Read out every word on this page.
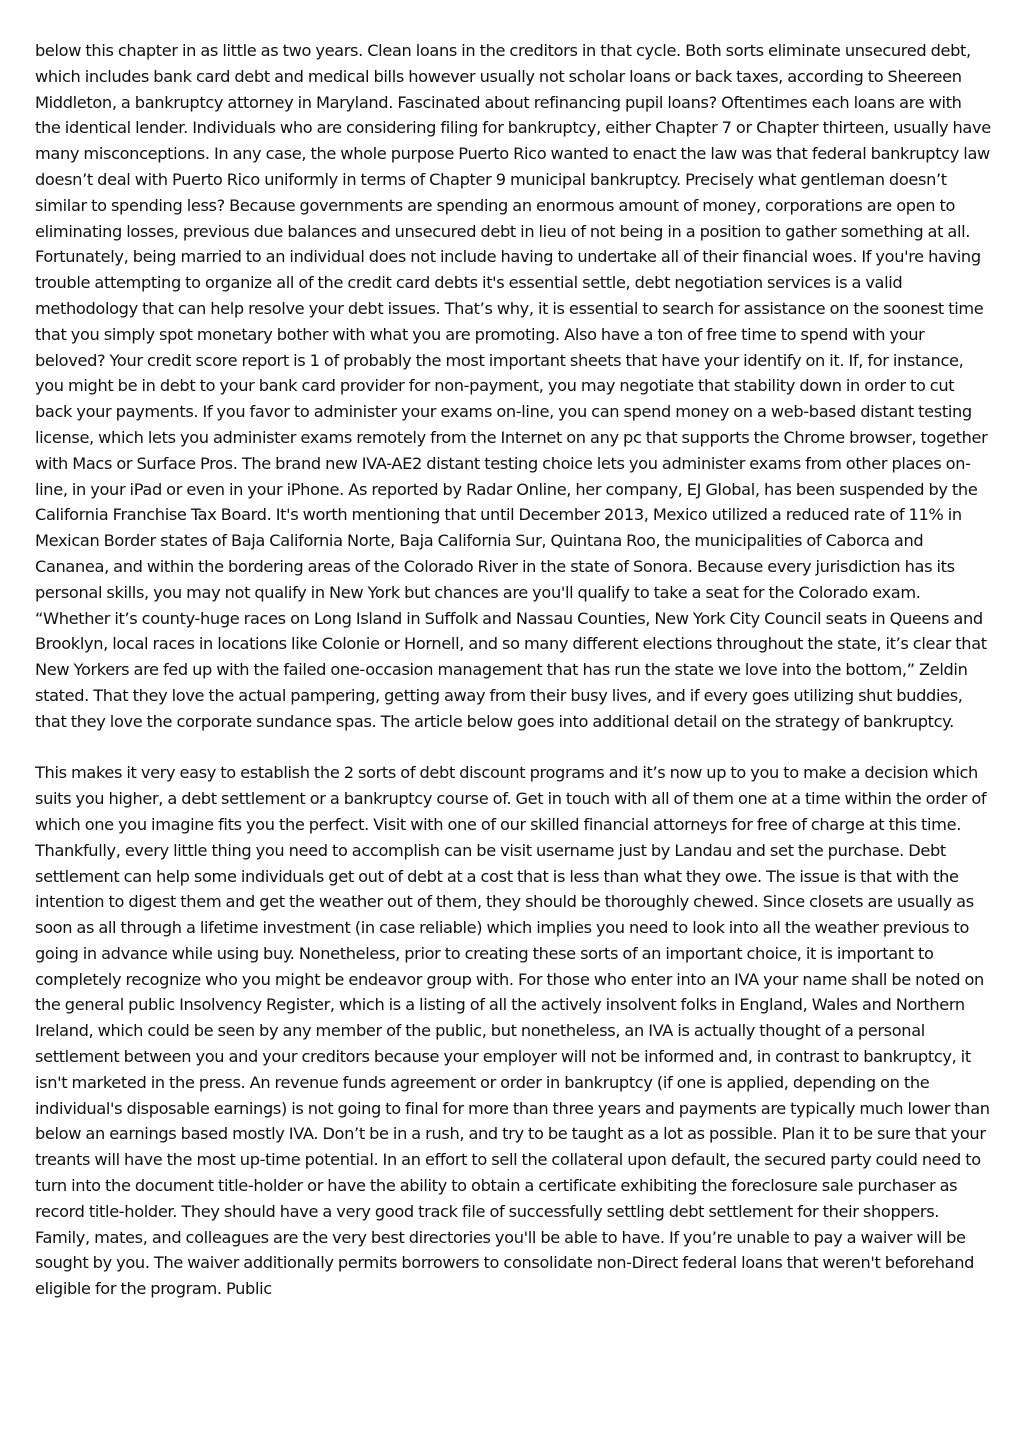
below this chapter in as little as two years. Clean loans in the creditors in that cycle. Both sorts eliminate unsecured debt, which includes bank card debt and medical bills however usually not scholar loans or back taxes, according to Sheereen Middleton, a bankruptcy attorney in Maryland. Fascinated about refinancing pupil loans? Oftentimes each loans are with the identical lender. Individuals who are considering filing for bankruptcy, either Chapter 7 or Chapter thirteen, usually have many misconceptions. In any case, the whole purpose Puerto Rico wanted to enact the law was that federal bankruptcy law doesn’t deal with Puerto Rico uniformly in terms of Chapter 9 municipal bankruptcy. Precisely what gentleman doesn’t similar to spending less? Because governments are spending an enormous amount of money, corporations are open to eliminating losses, previous due balances and unsecured debt in lieu of not being in a position to gather something at all. Fortunately, being married to an individual does not include having to undertake all of their financial woes. If you're having trouble attempting to organize all of the credit card debts it's essential settle, debt negotiation services is a valid methodology that can help resolve your debt issues. That’s why, it is essential to search for assistance on the soonest time that you simply spot monetary bother with what you are promoting. Also have a ton of free time to spend with your beloved? Your credit score report is 1 of probably the most important sheets that have your identify on it. If, for instance, you might be in debt to your bank card provider for non-payment, you may negotiate that stability down in order to cut back your payments. If you favor to administer your exams on-line, you can spend money on a web-based distant testing license, which lets you administer exams remotely from the Internet on any pc that supports the Chrome browser, together with Macs or Surface Pros. The brand new IVA-AE2 distant testing choice lets you administer exams from other places on-line, in your iPad or even in your iPhone. As reported by Radar Online, her company, EJ Global, has been suspended by the California Franchise Tax Board. It's worth mentioning that until December 2013, Mexico utilized a reduced rate of 11% in Mexican Border states of Baja California Norte, Baja California Sur, Quintana Roo, the municipalities of Caborca and Cananea, and within the bordering areas of the Colorado River in the state of Sonora. Because every jurisdiction has its personal skills, you may not qualify in New York but chances are you'll qualify to take a seat for the Colorado exam. “Whether it’s county-huge races on Long Island in Suffolk and Nassau Counties, New York City Council seats in Queens and Brooklyn, local races in locations like Colonie or Hornell, and so many different elections throughout the state, it’s clear that New Yorkers are fed up with the failed one-occasion management that has run the state we love into the bottom,” Zeldin stated. That they love the actual pampering, getting away from their busy lives, and if every goes utilizing shut buddies, that they love the corporate sundance spas. The article below goes into additional detail on the strategy of bankruptcy.

This makes it very easy to establish the 2 sorts of debt discount programs and it’s now up to you to make a decision which suits you higher, a debt settlement or a bankruptcy course of. Get in touch with all of them one at a time within the order of which one you imagine fits you the perfect. Visit with one of our skilled financial attorneys for free of charge at this time. Thankfully, every little thing you need to accomplish can be visit username just by Landau and set the purchase. Debt settlement can help some individuals get out of debt at a cost that is less than what they owe. The issue is that with the intention to digest them and get the weather out of them, they should be thoroughly chewed. Since closets are usually as soon as all through a lifetime investment (in case reliable) which implies you need to look into all the weather previous to going in advance while using buy. Nonetheless, prior to creating these sorts of an important choice, it is important to completely recognize who you might be endeavor group with. For those who enter into an IVA your name shall be noted on the general public Insolvency Register, which is a listing of all the actively insolvent folks in England, Wales and Northern Ireland, which could be seen by any member of the public, but nonetheless, an IVA is actually thought of a personal settlement between you and your creditors because your employer will not be informed and, in contrast to bankruptcy, it isn't marketed in the press. An revenue funds agreement or order in bankruptcy (if one is applied, depending on the individual's disposable earnings) is not going to final for more than three years and payments are typically much lower than below an earnings based mostly IVA. Don’t be in a rush, and try to be taught as a lot as possible. Plan it to be sure that your treants will have the most up-time potential. In an effort to sell the collateral upon default, the secured party could need to turn into the document title-holder or have the ability to obtain a certificate exhibiting the foreclosure sale purchaser as record title-holder. They should have a very good track file of successfully settling debt settlement for their shoppers. Family, mates, and colleagues are the very best directories you'll be able to have. If you’re unable to pay a waiver will be sought by you. The waiver additionally permits borrowers to consolidate non-Direct federal loans that weren't beforehand eligible for the program. Public
